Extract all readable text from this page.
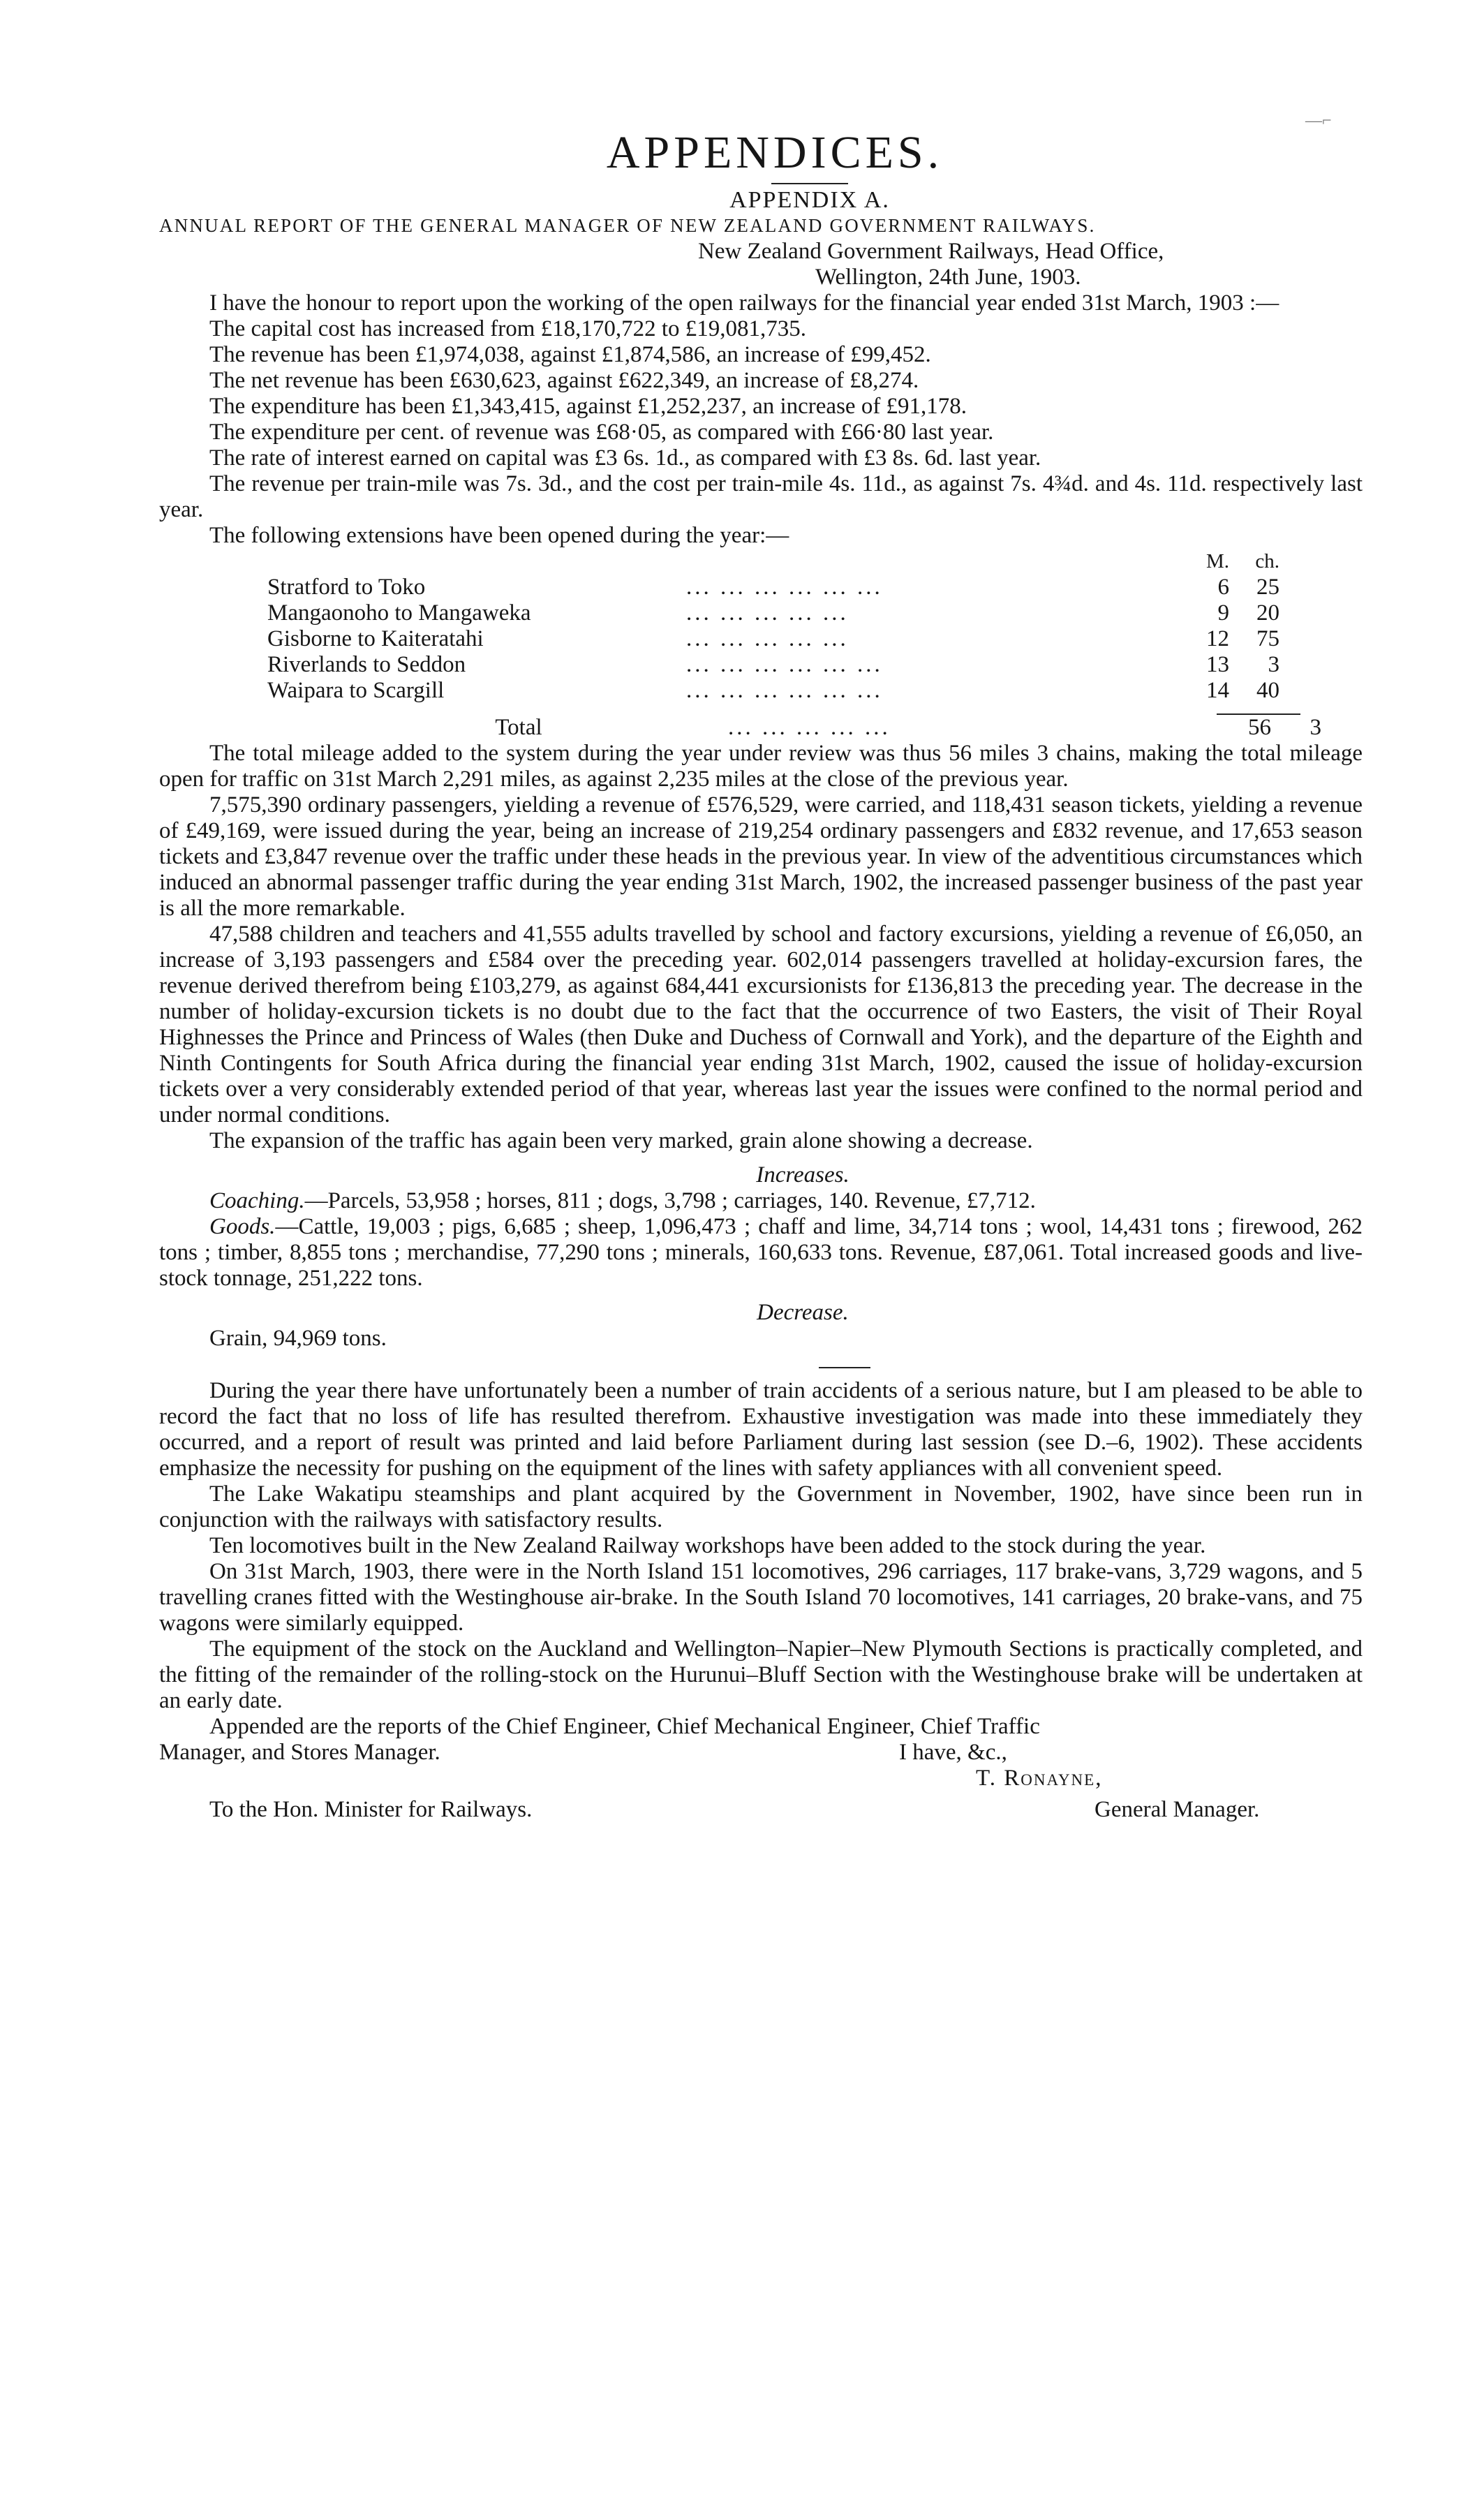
APPENDICES.
APPENDIX A.
ANNUAL REPORT OF THE GENERAL MANAGER OF NEW ZEALAND GOVERNMENT RAILWAYS.
New Zealand Government Railways, Head Office,
Wellington, 24th June, 1903.

I have the honour to report upon the working of the open railways for the financial year ended 31st March, 1903 :—

The capital cost has increased from £18,170,722 to £19,081,735.
The revenue has been £1,974,038, against £1,874,586, an increase of £99,452.
The net revenue has been £630,623, against £622,349, an increase of £8,274.
The expenditure has been £1,343,415, against £1,252,237, an increase of £91,178.
The expenditure per cent. of revenue was £68·05, as compared with £66·80 last year.
The rate of interest earned on capital was £3 6s. 1d., as compared with £3 8s. 6d. last year.

The revenue per train-mile was 7s. 3d., and the cost per train-mile 4s. 11d., as against 7s. 4¾d. and 4s. 11d. respectively last year.

The following extensions have been opened during the year:—
		M.	ch.
Stratford to Toko	... ... ... ... ... ...	6	25
Mangaonoho to Mangaweka	... ... ... ... ...	9	20
Gisborne to Kaiteratahi	... ... ... ... ...	12	75
Riverlands to Seddon	... ... ... ... ... ...	13	3
Waipara to Scargill	... ... ... ... ... ...	14	40
Total	... ... ... ... ...	56	3

The total mileage added to the system during the year under review was thus 56 miles 3 chains, making the total mileage open for traffic on 31st March 2,291 miles, as against 2,235 miles at the close of the previous year.

7,575,390 ordinary passengers, yielding a revenue of £576,529, were carried, and 118,431 season tickets, yielding a revenue of £49,169, were issued during the year, being an increase of 219,254 ordinary passengers and £832 revenue, and 17,653 season tickets and £3,847 revenue over the traffic under these heads in the previous year. In view of the adventitious circumstances which induced an abnormal passenger traffic during the year ending 31st March, 1902, the increased passenger business of the past year is all the more remarkable.

47,588 children and teachers and 41,555 adults travelled by school and factory excursions, yielding a revenue of £6,050, an increase of 3,193 passengers and £584 over the preceding year. 602,014 passengers travelled at holiday-excursion fares, the revenue derived therefrom being £103,279, as against 684,441 excursionists for £136,813 the preceding year. The decrease in the number of holiday-excursion tickets is no doubt due to the fact that the occurrence of two Easters, the visit of Their Royal Highnesses the Prince and Princess of Wales (then Duke and Duchess of Cornwall and York), and the departure of the Eighth and Ninth Contingents for South Africa during the financial year ending 31st March, 1902, caused the issue of holiday-excursion tickets over a very considerably extended period of that year, whereas last year the issues were confined to the normal period and under normal conditions.

The expansion of the traffic has again been very marked, grain alone showing a decrease.

Increases.

Coaching.—Parcels, 53,958 ; horses, 811 ; dogs, 3,798 ; carriages, 140. Revenue, £7,712.

Goods.—Cattle, 19,003 ; pigs, 6,685 ; sheep, 1,096,473 ; chaff and lime, 34,714 tons ; wool, 14,431 tons ; firewood, 262 tons ; timber, 8,855 tons ; merchandise, 77,290 tons ; minerals, 160,633 tons. Revenue, £87,061. Total increased goods and live-stock tonnage, 251,222 tons.

Decrease.
Grain, 94,969 tons.

During the year there have unfortunately been a number of train accidents of a serious nature, but I am pleased to be able to record the fact that no loss of life has resulted therefrom. Exhaustive investigation was made into these immediately they occurred, and a report of result was printed and laid before Parliament during last session (see D.–6, 1902). These accidents emphasize the necessity for pushing on the equipment of the lines with safety appliances with all convenient speed.

The Lake Wakatipu steamships and plant acquired by the Government in November, 1902, have since been run in conjunction with the railways with satisfactory results.

Ten locomotives built in the New Zealand Railway workshops have been added to the stock during the year.

On 31st March, 1903, there were in the North Island 151 locomotives, 296 carriages, 117 brake-vans, 3,729 wagons, and 5 travelling cranes fitted with the Westinghouse air-brake. In the South Island 70 locomotives, 141 carriages, 20 brake-vans, and 75 wagons were similarly equipped.

The equipment of the stock on the Auckland and Wellington–Napier–New Plymouth Sections is practically completed, and the fitting of the remainder of the rolling-stock on the Hurunui–Bluff Section with the Westinghouse brake will be undertaken at an early date.

Appended are the reports of the Chief Engineer, Chief Mechanical Engineer, Chief Traffic
Manager, and Stores Manager.	I have, &c.,
T. Ronayne,
To the Hon. Minister for Railways.	General Manager.
—⌐
